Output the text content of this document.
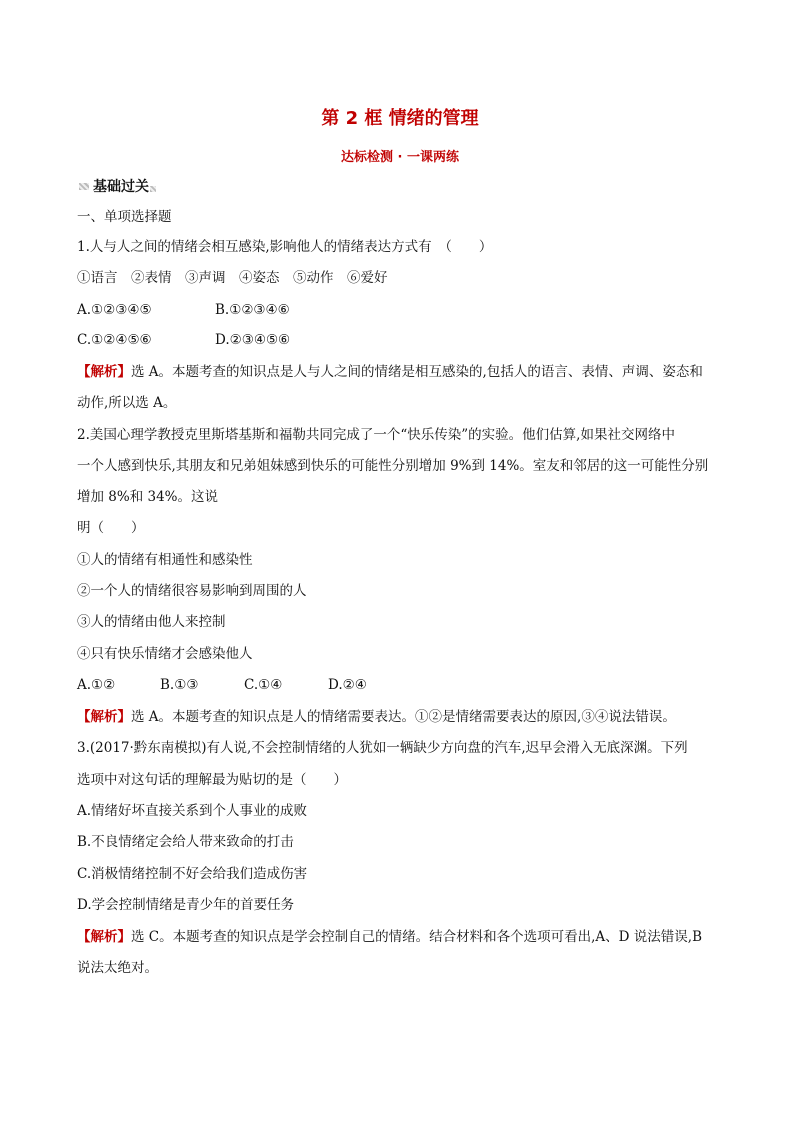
第 2 框 情绪的管理
达标检测 · 一课两练
基础过关
一、单项选择题
1.人与人之间的情绪会相互感染,影响他人的情绪表达方式有　（　　）
①语言　②表情　③声调　④姿态　⑤动作　⑥爱好
A.①②③④⑤	B.①②③④⑥
C.①②④⑤⑥	D.②③④⑤⑥
【解析】选 A。本题考查的知识点是人与人之间的情绪是相互感染的,包括人的语言、表情、声调、姿态和
动作,所以选 A。
2.美国心理学教授克里斯塔基斯和福勒共同完成了一个“快乐传染”的实验。他们估算,如果社交网络中
一个人感到快乐,其朋友和兄弟姐妹感到快乐的可能性分别增加 9%到 14%。室友和邻居的这一可能性分别
增加 8%和 34%。这说
明（　　）
①人的情绪有相通性和感染性
②一个人的情绪很容易影响到周围的人
③人的情绪由他人来控制
④只有快乐情绪才会感染他人
A.①②	B.①③	C.①④	D.②④
【解析】选 A。本题考查的知识点是人的情绪需要表达。①②是情绪需要表达的原因,③④说法错误。
3.(2017·黔东南模拟)有人说,不会控制情绪的人犹如一辆缺少方向盘的汽车,迟早会滑入无底深渊。下列
选项中对这句话的理解最为贴切的是（　　）
A.情绪好坏直接关系到个人事业的成败
B.不良情绪定会给人带来致命的打击
C.消极情绪控制不好会给我们造成伤害
D.学会控制情绪是青少年的首要任务
【解析】选 C。本题考查的知识点是学会控制自己的情绪。结合材料和各个选项可看出,A、D 说法错误,B
说法太绝对。
